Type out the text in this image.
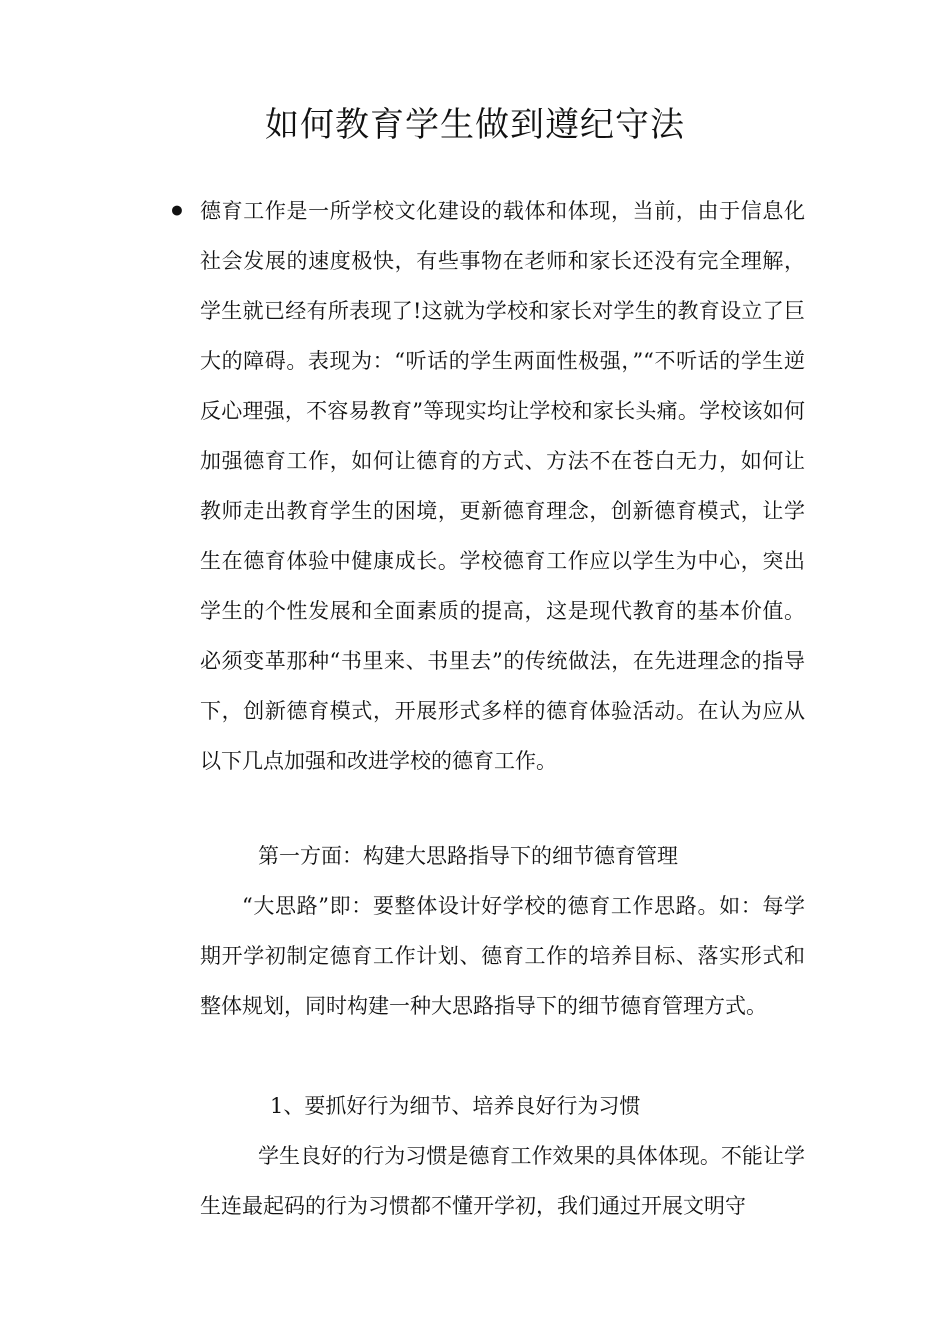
如何教育学生做到遵纪守法
• 德育工作是一所学校文化建设的载体和体现，当前，由于信息化社会发展的速度极快，有些事物在老师和家长还没有完全理解，学生就已经有所表现了!这就为学校和家长对学生的教育设立了巨大的障碍。表现为：“听话的学生两面性极强，”“不听话的学生逆反心理强，不容易教育”等现实均让学校和家长头痛。学校该如何加强德育工作，如何让德育的方式、方法不在苍白无力，如何让教师走出教育学生的困境，更新德育理念，创新德育模式，让学生在德育体验中健康成长。学校德育工作应以学生为中心，突出学生的个性发展和全面素质的提高，这是现代教育的基本价值。必须变革那种“书里来、书里去”的传统做法，在先进理念的指导下，创新德育模式，开展形式多样的德育体验活动。在认为应从以下几点加强和改进学校的德育工作。

第一方面：构建大思路指导下的细节德育管理

“大思路”即：要整体设计好学校的德育工作思路。如：每学期开学初制定德育工作计划、德育工作的培养目标、落实形式和整体规划，同时构建一种大思路指导下的细节德育管理方式。

1、要抓好行为细节、培养良好行为习惯

学生良好的行为习惯是德育工作效果的具体体现。不能让学生连最起码的行为习惯都不懂开学初，我们通过开展文明守
